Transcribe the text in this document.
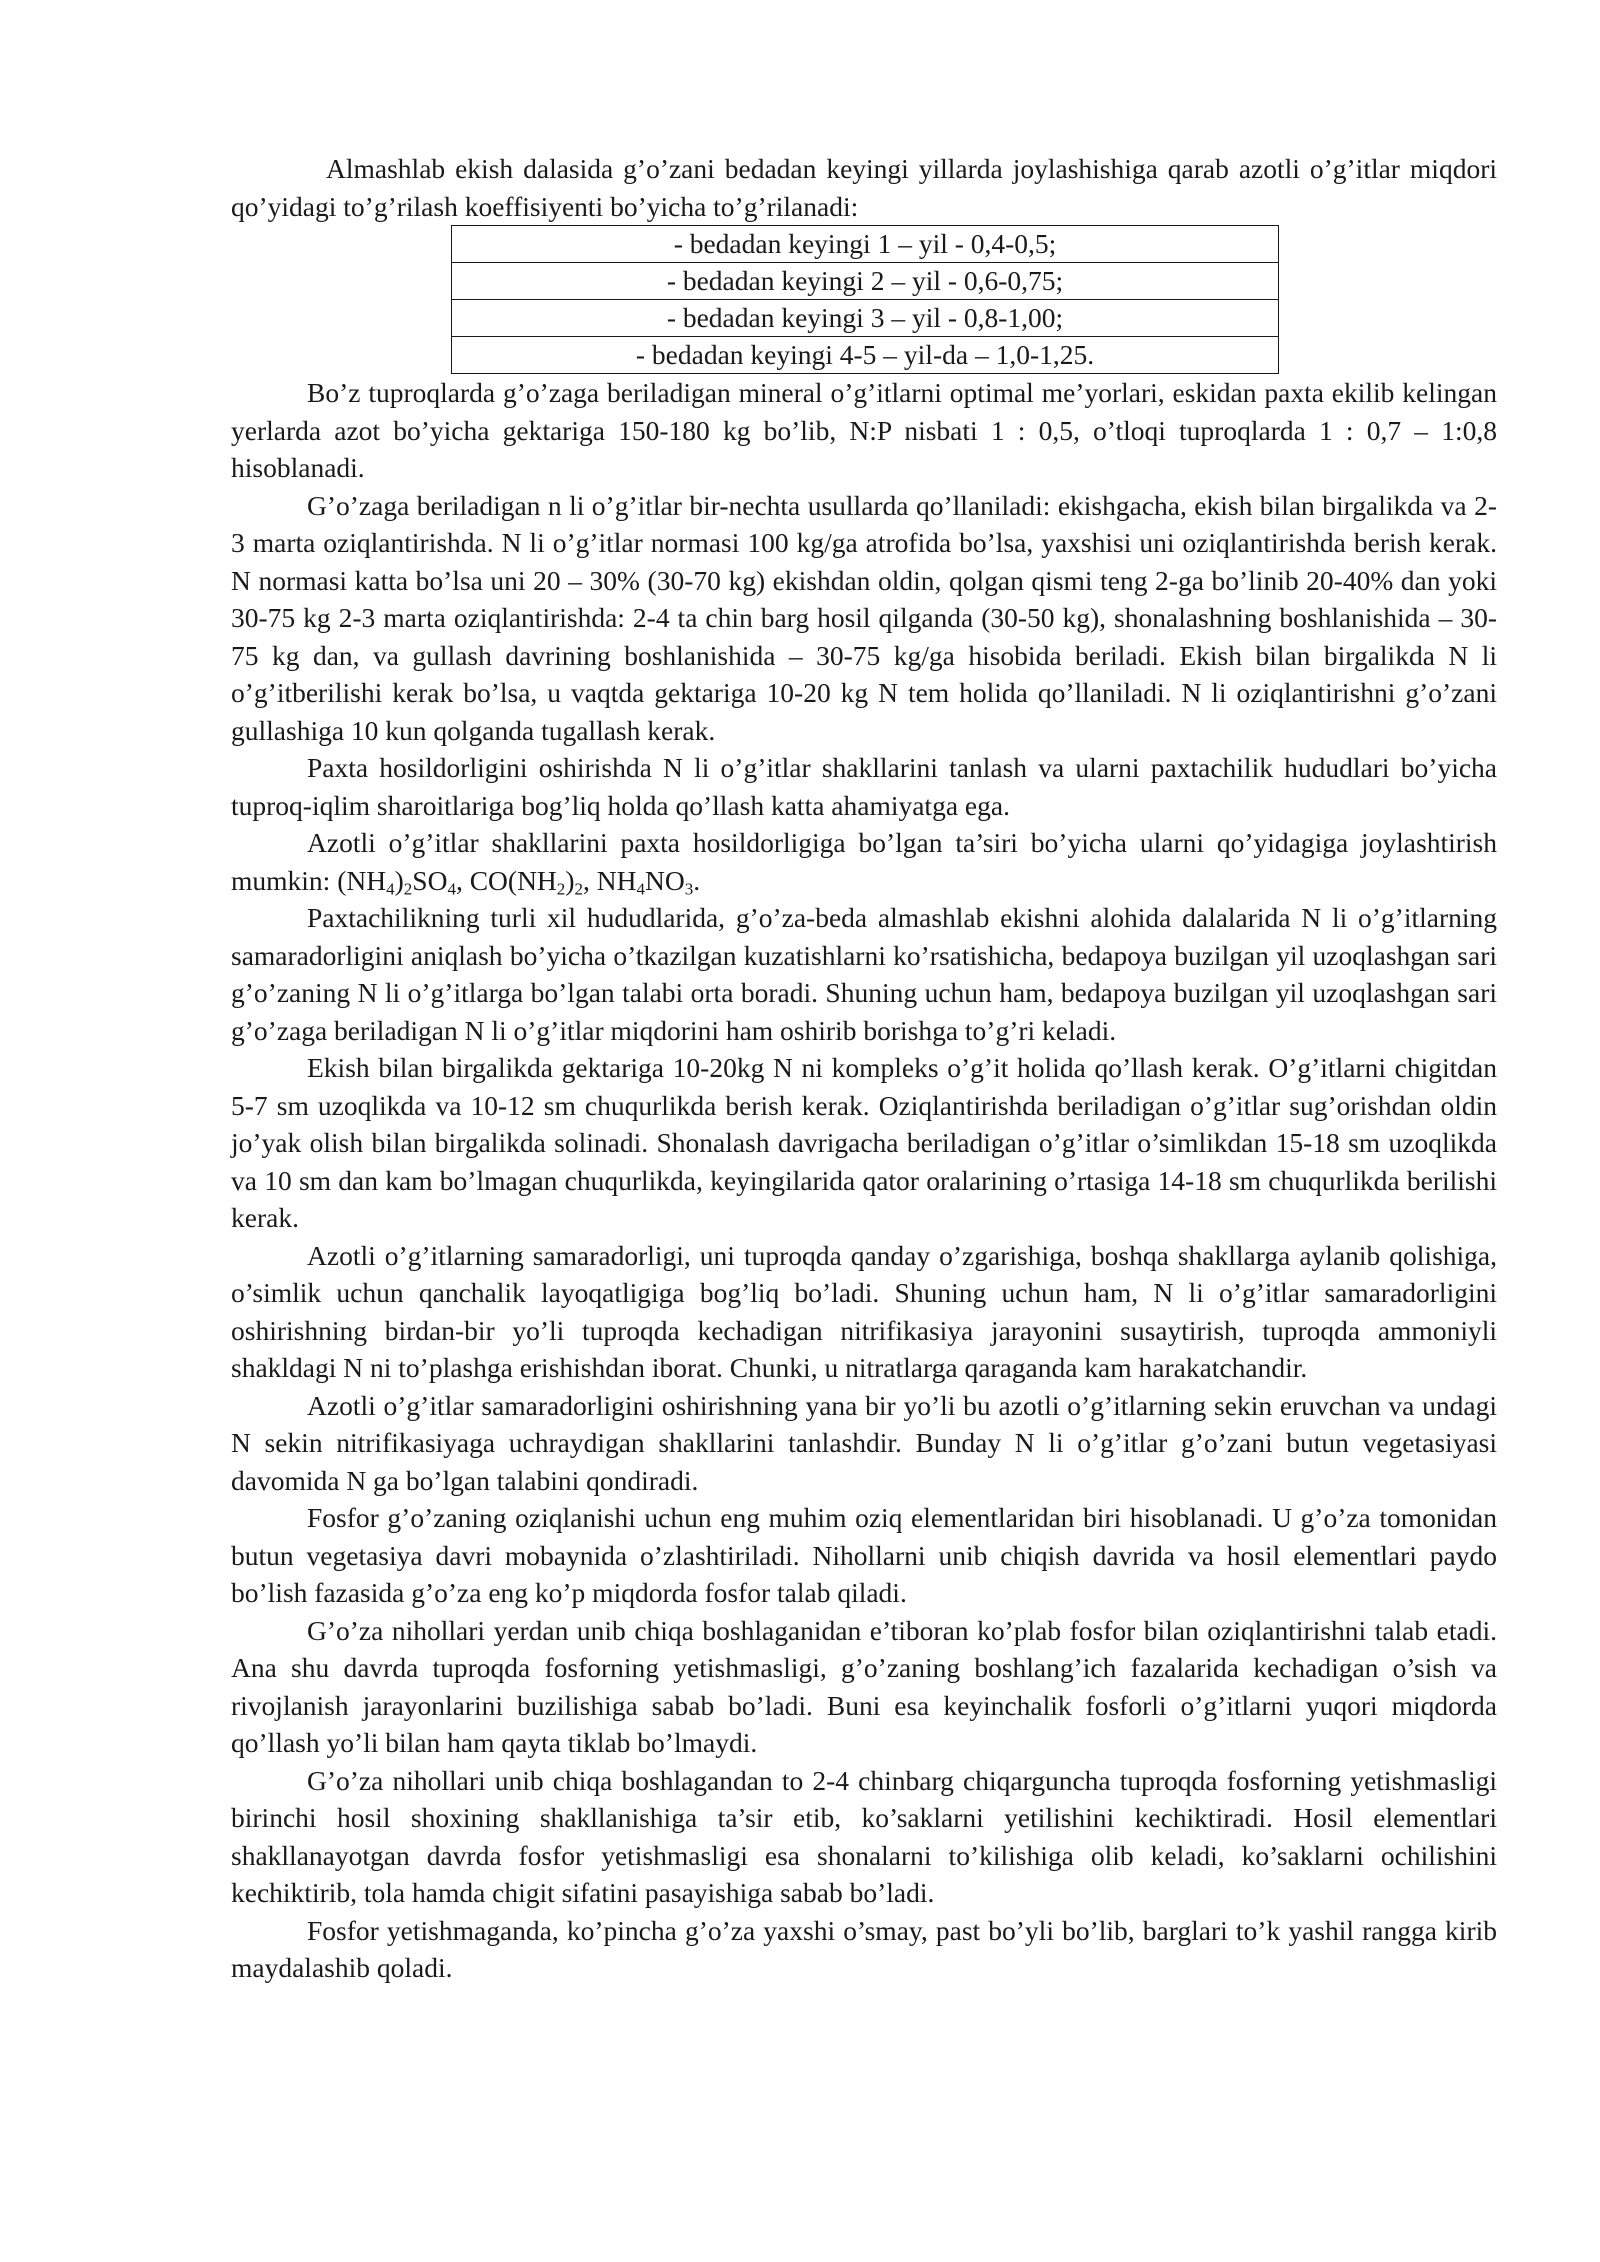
Almashlab ekish dalasida g’o’zani bedadan keyingi yillarda joylashishiga qarab azotli o’g’itlar miqdori qo’yidagi to’g’rilash koeffisiyenti bo’yicha to’g’rilanadi:

- bedadan keyingi 1 – yil - 0,4-0,5;
- bedadan keyingi 2 – yil - 0,6-0,75;
- bedadan keyingi 3 – yil - 0,8-1,00;
- bedadan keyingi 4-5 – yil-da – 1,0-1,25.

Bo’z tuproqlarda g’o’zaga beriladigan mineral o’g’itlarni optimal me’yorlari, eskidan paxta ekilib kelingan yerlarda azot bo’yicha gektariga 150-180 kg bo’lib, N:P nisbati 1 : 0,5, o’tloqi tuproqlarda 1 : 0,7 – 1:0,8 hisoblanadi.

G’o’zaga beriladigan n li o’g’itlar bir-nechta usullarda qo’llaniladi: ekishgacha, ekish bilan birgalikda va 2-3 marta oziqlantirishda. N li o’g’itlar normasi 100 kg/ga atrofida bo’lsa, yaxshisi uni oziqlantirishda berish kerak. N normasi katta bo’lsa uni 20 – 30% (30-70 kg) ekishdan oldin, qolgan qismi teng 2-ga bo’linib 20-40% dan yoki 30-75 kg 2-3 marta oziqlantirishda: 2-4 ta chin barg hosil qilganda (30-50 kg), shonalashning boshlanishida – 30-75 kg dan, va gullash davrining boshlanishida – 30-75 kg/ga hisobida beriladi. Ekish bilan birgalikda N li o’g’itberilishi kerak bo’lsa, u vaqtda gektariga 10-20 kg N tem holida qo’llaniladi. N li oziqlantirishni g’o’zani gullashiga 10 kun qolganda tugallash kerak.

Paxta hosildorligini oshirishda N li o’g’itlar shakllarini tanlash va ularni paxtachilik hududlari bo’yicha tuproq-iqlim sharoitlariga bog’liq holda qo’llash katta ahamiyatga ega.

Azotli o’g’itlar shakllarini paxta hosildorligiga bo’lgan ta’siri bo’yicha ularni qo’yidagiga joylashtirish mumkin: $(NH_4)_2SO_4$, $CO(NH_2)_2$, $NH_4NO_3$.

Paxtachilikning turli xil hududlarida, g’o’za-beda almashlab ekishni alohida dalalarida N li o’g’itlarning samaradorligini aniqlash bo’yicha o’tkazilgan kuzatishlarni ko’rsatishicha, bedapoya buzilgan yil uzoqlashgan sari g’o’zaning N li o’g’itlarga bo’lgan talabi orta boradi. Shuning uchun ham, bedapoya buzilgan yil uzoqlashgan sari g’o’zaga beriladigan N li o’g’itlar miqdorini ham oshirib borishga to’g’ri keladi.

Ekish bilan birgalikda gektariga 10-20kg N ni kompleks o’g’it holida qo’llash kerak. O’g’itlarni chigitdan 5-7 sm uzoqlikda va 10-12 sm chuqurlikda berish kerak. Oziqlantirishda beriladigan o’g’itlar sug’orishdan oldin jo’yak olish bilan birgalikda solinadi. Shonalash davrigacha beriladigan o’g’itlar o’simlikdan 15-18 sm uzoqlikda va 10 sm dan kam bo’lmagan chuqurlikda, keyingilarida qator oralarining o’rtasiga 14-18 sm chuqurlikda berilishi kerak.

Azotli o’g’itlarning samaradorligi, uni tuproqda qanday o’zgarishiga, boshqa shakllarga aylanib qolishiga, o’simlik uchun qanchalik layoqatligiga bog’liq bo’ladi. Shuning uchun ham, N li o’g’itlar samaradorligini oshirishning birdan-bir yo’li tuproqda kechadigan nitrifikasiya jarayonini susaytirish, tuproqda ammoniyli shakldagi N ni to’plashga erishishdan iborat. Chunki, u nitratlarga qaraganda kam harakatchandir.

Azotli o’g’itlar samaradorligini oshirishning yana bir yo’li bu azotli o’g’itlarning sekin eruvchan va undagi N sekin nitrifikasiyaga uchraydigan shakllarini tanlashdir. Bunday N li o’g’itlar g’o’zani butun vegetasiyasi davomida N ga bo’lgan talabini qondiradi.

Fosfor g’o’zaning oziqlanishi uchun eng muhim oziq elementlaridan biri hisoblanadi. U g’o’za tomonidan butun vegetasiya davri mobaynida o’zlashtiriladi. Nihollarni unib chiqish davrida va hosil elementlari paydo bo’lish fazasida g’o’za eng ko’p miqdorda fosfor talab qiladi.

G’o’za nihollari yerdan unib chiqa boshlaganidan e’tiboran ko’plab fosfor bilan oziqlantirishni talab etadi. Ana shu davrda tuproqda fosforning yetishmasligi, g’o’zaning boshlang’ich fazalarida kechadigan o’sish va rivojlanish jarayonlarini buzilishiga sabab bo’ladi. Buni esa keyinchalik fosforli o’g’itlarni yuqori miqdorda qo’llash yo’li bilan ham qayta tiklab bo’lmaydi.

G’o’za nihollari unib chiqa boshlagandan to 2-4 chinbarg chiqarguncha tuproqda fosforning yetishmasligi birinchi hosil shoxining shakllanishiga ta’sir etib, ko’saklarni yetilishini kechiktiradi. Hosil elementlari shakllanayotgan davrda fosfor yetishmasligi esa shonalarni to’kilishiga olib keladi, ko’saklarni ochilishini kechiktirib, tola hamda chigit sifatini pasayishiga sabab bo’ladi.

Fosfor yetishmaganda, ko’pincha g’o’za yaxshi o’smay, past bo’yli bo’lib, barglari to’k yashil rangga kirib maydalashib qoladi.
